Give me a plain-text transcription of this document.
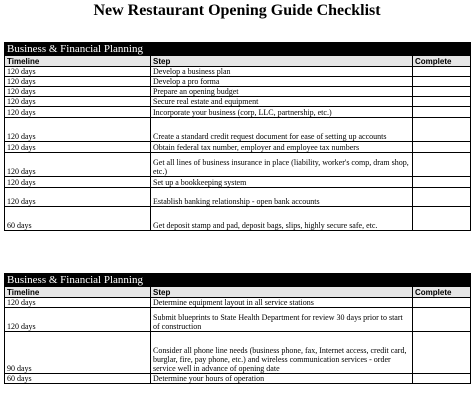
New Restaurant Opening Guide Checklist
Business & Financial Planning		
Timeline	Step	Complete
120 days	Develop a business plan	
120 days	Develop a pro forma	
120 days	Prepare an opening budget	
120 days	Secure real estate and equipment	
120 days	Incorporate your business (corp, LLC, partnership, etc.)	
120 days	Create a standard credit request document for ease of setting up accounts	
120 days	Obtain federal tax number, employer and employee tax numbers	
120 days	Get all lines of business insurance in place (liability, worker's comp, dram shop, etc.)	
120 days	Set up a bookkeeping system	
120 days	Establish banking relationship - open bank accounts	
60 days	Get deposit stamp and pad, deposit bags, slips, highly secure safe, etc.	
Business & Financial Planning		
Timeline	Step	Complete
120 days	Determine equipment layout in all service stations	
120 days	Submit blueprints to State Health Department for review 30 days prior to start of construction	
90 days	Consider all phone line needs (business phone, fax, Internet access, credit card, burglar, fire, pay phone, etc.) and wireless communication services - order service well in advance of opening date	
60 days	Determine your hours of operation	
